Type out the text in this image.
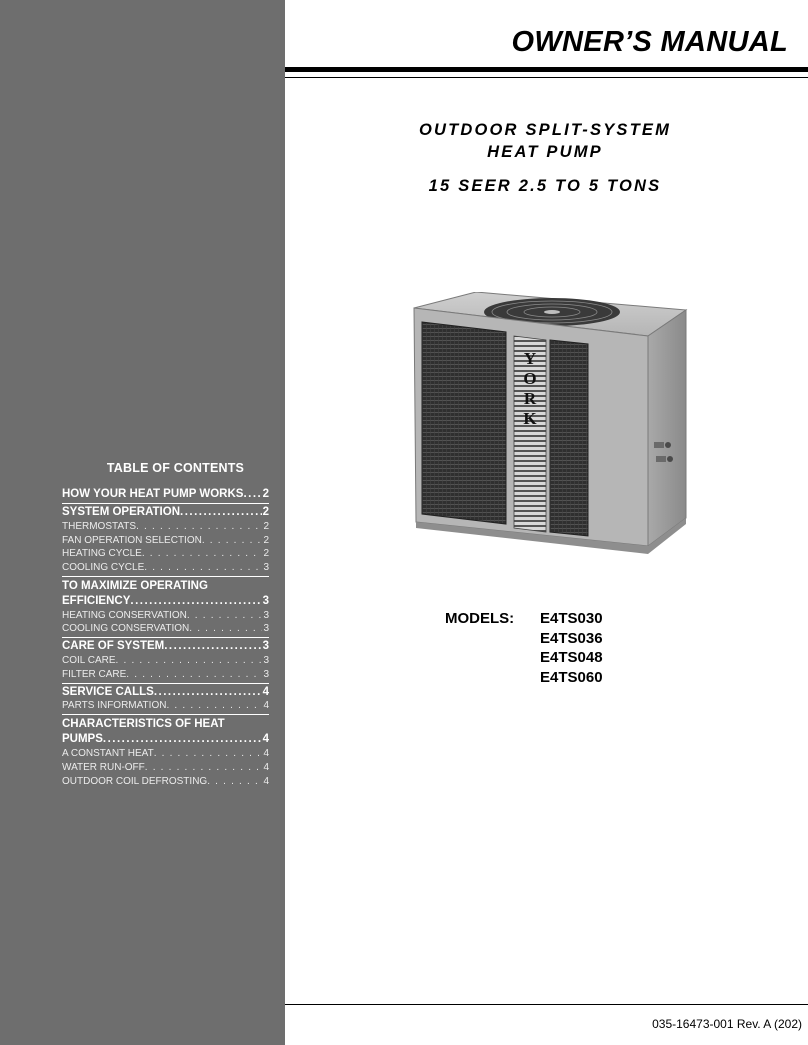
TABLE OF CONTENTS
HOW YOUR HEAT PUMP WORKS ..... 2
SYSTEM OPERATION .....	2
THERMOSTATS . . .	2
FAN OPERATION SELECTION . . .	2
HEATING CYCLE . . .	2
COOLING CYCLE . . .	3
TO MAXIMIZE OPERATING
EFFICIENCY .....	3
HEATING CONSERVATION . . .	3
COOLING CONSERVATION . . .	3
CARE OF SYSTEM .....	3
COIL CARE . . .	3
FILTER CARE . . .	3
SERVICE CALLS .....	4
PARTS INFORMATION . . .	4
CHARACTERISTICS OF HEAT
PUMPS .....	4
A CONSTANT HEAT . . .	4
WATER RUN-OFF . . .	4
OUTDOOR COIL DEFROSTING . . .	4
OWNER’S MANUAL
OUTDOOR SPLIT-SYSTEM
HEAT PUMP
15 SEER 2.5 TO 5 TONS
Y
O
R
K
MODELS: E4TS030
E4TS036
E4TS048
E4TS060
035-16473-001 Rev. A (202)
